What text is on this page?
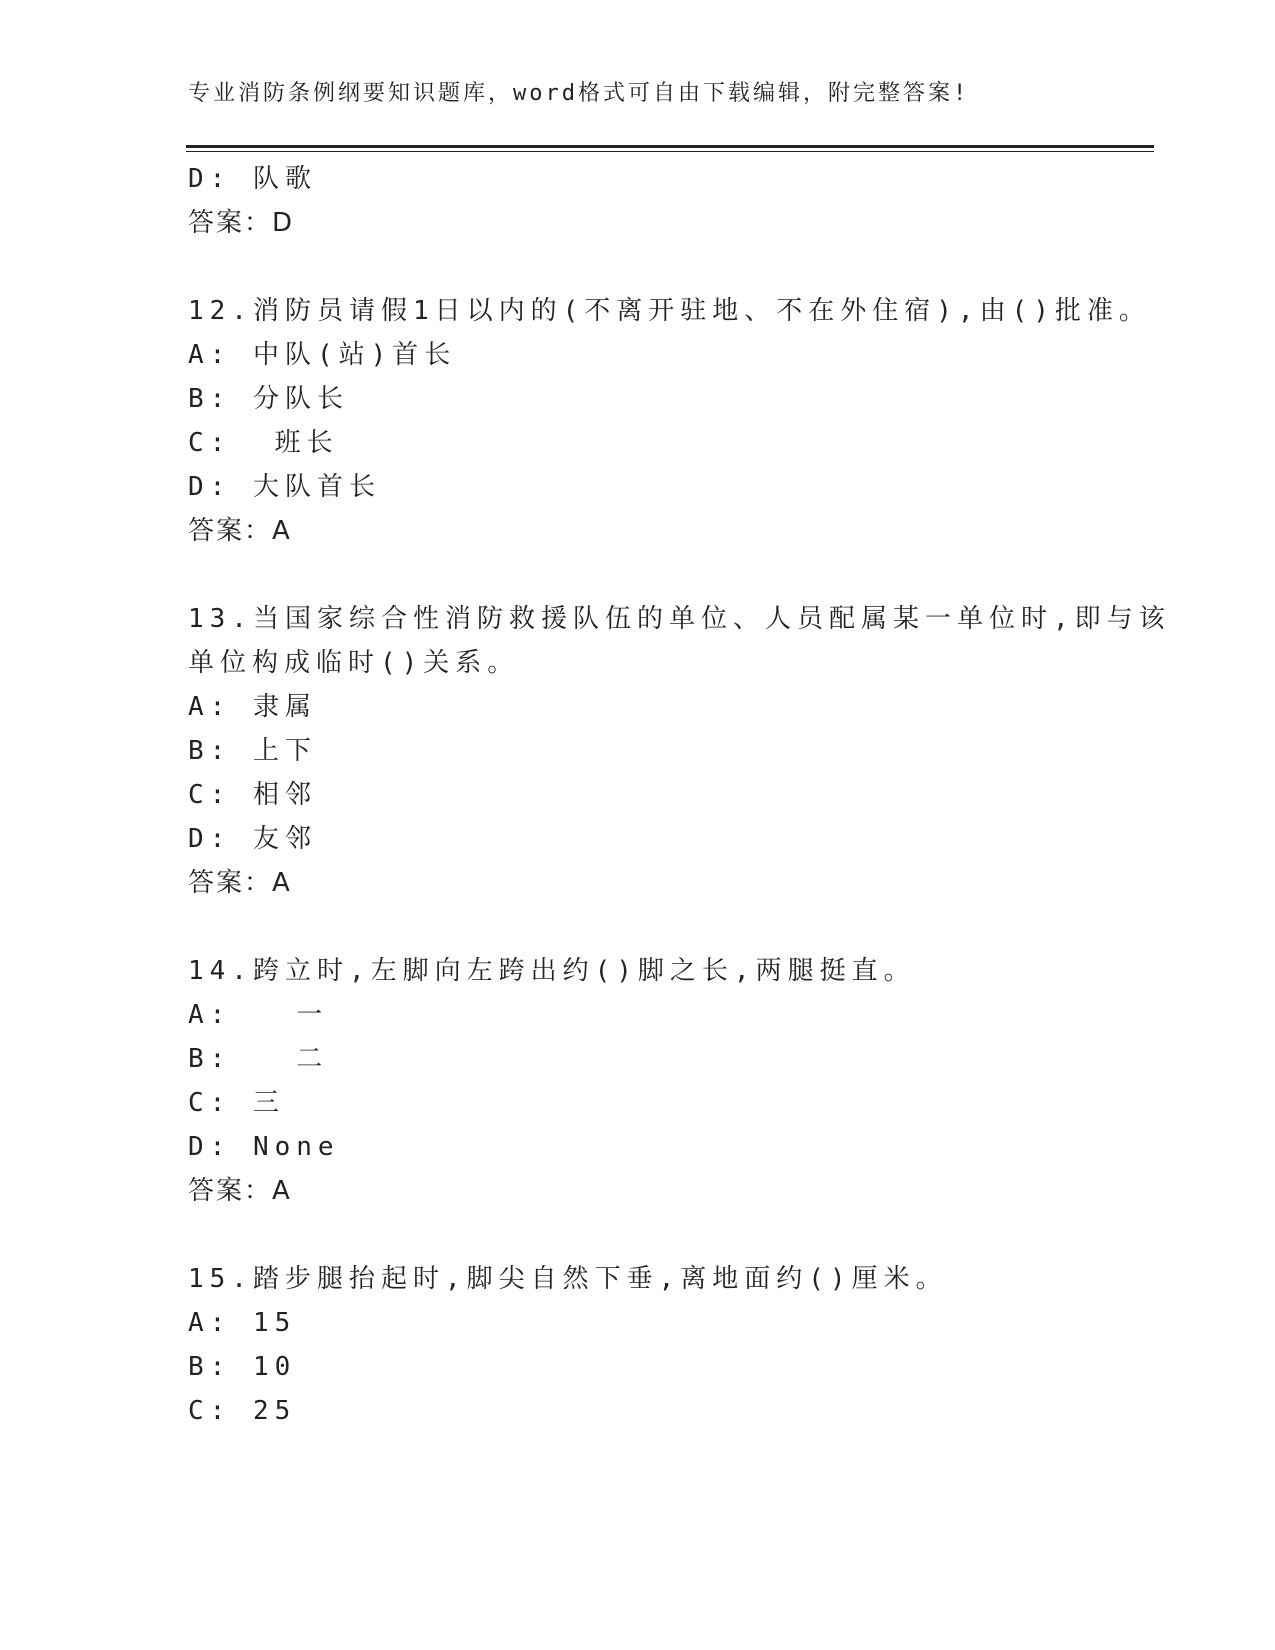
专业消防条例纲要知识题库，word格式可自由下载编辑，附完整答案!
D: 队歌
答案：D
12.消防员请假1日以内的(不离开驻地、不在外住宿),由()批准。
A: 中队(站)首长
B: 分队长
C:  班长
D: 大队首长
答案：A
13.当国家综合性消防救援队伍的单位、人员配属某一单位时,即与该
单位构成临时()关系。
A: 隶属
B: 上下
C: 相邻
D: 友邻
答案：A
14.跨立时,左脚向左跨出约()脚之长,两腿挺直。
A:   一
B:   二
C: 三
D: None
答案：A
15.踏步腿抬起时,脚尖自然下垂,离地面约()厘米。
A: 15
B: 10
C: 25
